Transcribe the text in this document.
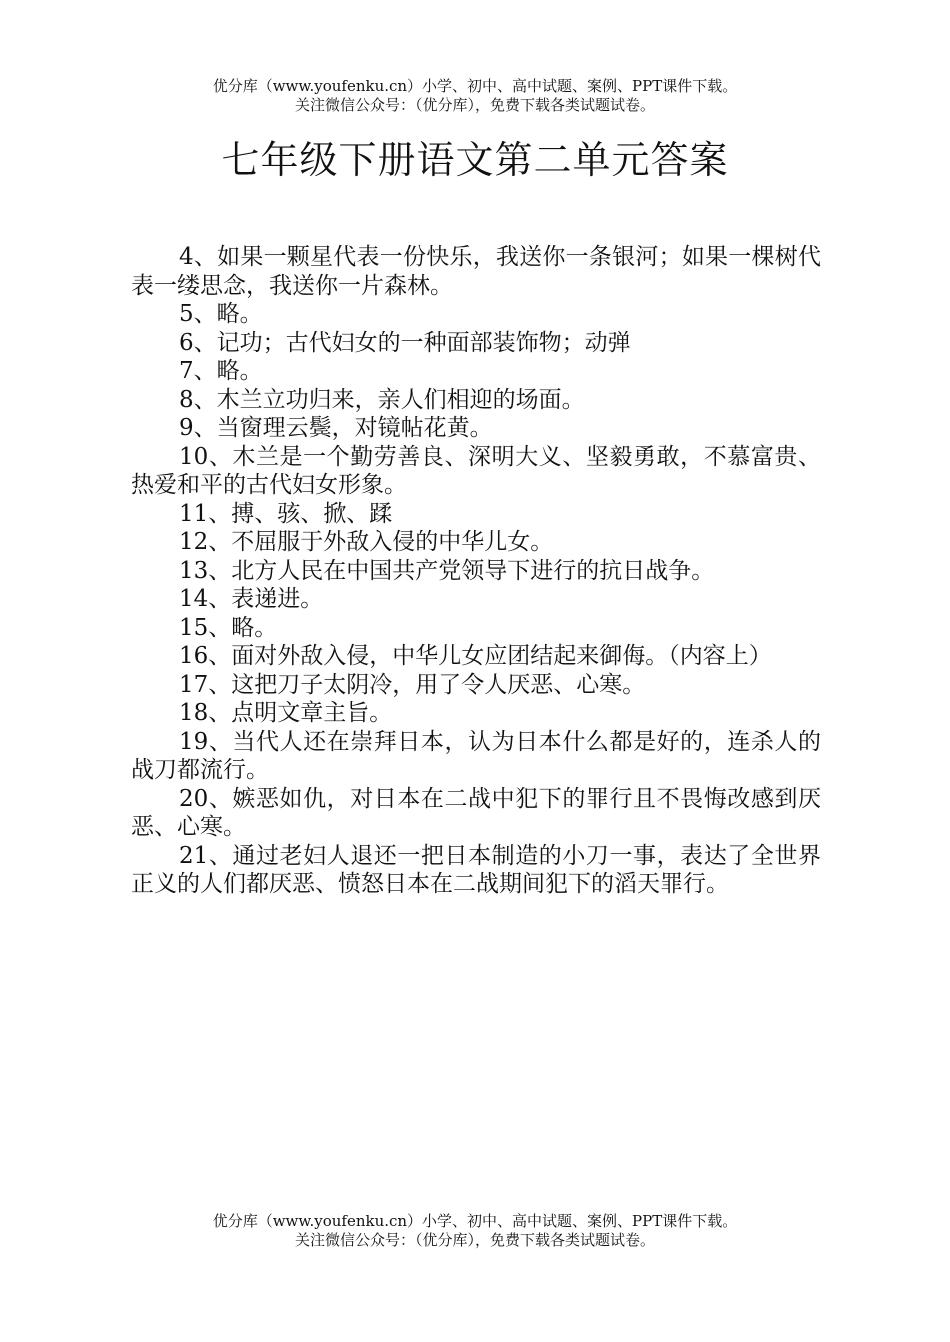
优分库（www.youfenku.cn）小学、初中、高中试题、案例、PPT课件下载。
关注微信公众号：（优分库），免费下载各类试题试卷。
七年级下册语文第二单元答案
4、如果一颗星代表一份快乐，我送你一条银河；如果一棵树代表一缕思念，我送你一片森林。
5、略。
6、记功；古代妇女的一种面部装饰物；动弹
7、略。
8、木兰立功归来，亲人们相迎的场面。
9、当窗理云鬓，对镜帖花黄。
10、木兰是一个勤劳善良、深明大义、坚毅勇敢，不慕富贵、热爱和平的古代妇女形象。
11、搏、骇、掀、蹂
12、不屈服于外敌入侵的中华儿女。
13、北方人民在中国共产党领导下进行的抗日战争。
14、表递进。
15、略。
16、面对外敌入侵，中华儿女应团结起来御侮。（内容上）
17、这把刀子太阴冷，用了令人厌恶、心寒。
18、点明文章主旨。
19、当代人还在崇拜日本，认为日本什么都是好的，连杀人的战刀都流行。
20、嫉恶如仇，对日本在二战中犯下的罪行且不畏悔改感到厌恶、心寒。
21、通过老妇人退还一把日本制造的小刀一事，表达了全世界正义的人们都厌恶、愤怒日本在二战期间犯下的滔天罪行。
优分库（www.youfenku.cn）小学、初中、高中试题、案例、PPT课件下载。
关注微信公众号：（优分库），免费下载各类试题试卷。
